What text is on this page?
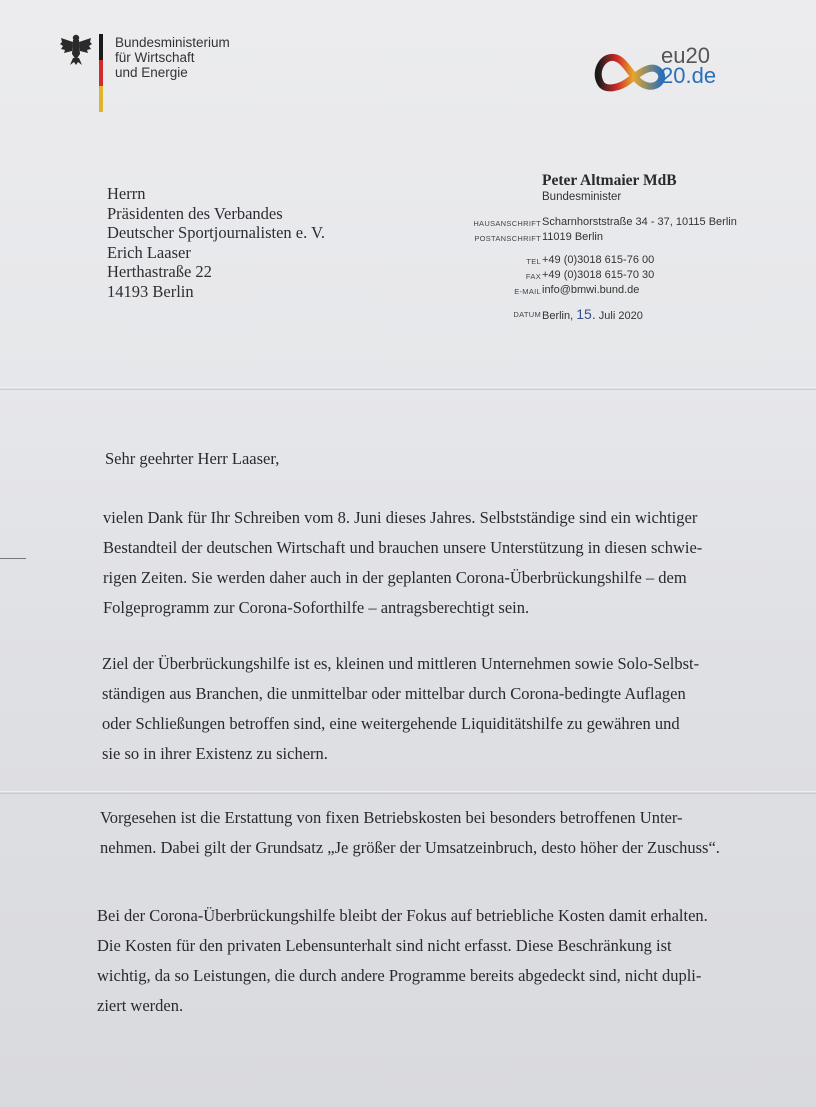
Bundesministerium
für Wirtschaft
und Energie
eu20
20.de
Herrn
Präsidenten des Verbandes
Deutscher Sportjournalisten e. V.
Erich Laaser
Herthastraße 22
14193 Berlin
Peter Altmaier MdB
Bundesminister
HAUSANSCHRIFT Scharnhorststraße 34 - 37, 10115 Berlin
POSTANSCHRIFT 11019 Berlin
TEL +49 (0)3018 615-76 00
FAX +49 (0)3018 615-70 30
E-MAIL info@bmwi.bund.de
DATUM Berlin, 15. Juli 2020
Sehr geehrter Herr Laaser,
vielen Dank für Ihr Schreiben vom 8. Juni dieses Jahres. Selbstständige sind ein wichtiger
Bestandteil der deutschen Wirtschaft und brauchen unsere Unterstützung in diesen schwie-
rigen Zeiten. Sie werden daher auch in der geplanten Corona-Überbrückungshilfe – dem
Folgeprogramm zur Corona-Soforthilfe – antragsberechtigt sein.
Ziel der Überbrückungshilfe ist es, kleinen und mittleren Unternehmen sowie Solo-Selbst-
ständigen aus Branchen, die unmittelbar oder mittelbar durch Corona-bedingte Auflagen
oder Schließungen betroffen sind, eine weitergehende Liquiditätshilfe zu gewähren und
sie so in ihrer Existenz zu sichern.
Vorgesehen ist die Erstattung von fixen Betriebskosten bei besonders betroffenen Unter-
nehmen. Dabei gilt der Grundsatz „Je größer der Umsatzeinbruch, desto höher der Zuschuss“.
Bei der Corona-Überbrückungshilfe bleibt der Fokus auf betriebliche Kosten damit erhalten.
Die Kosten für den privaten Lebensunterhalt sind nicht erfasst. Diese Beschränkung ist
wichtig, da so Leistungen, die durch andere Programme bereits abgedeckt sind, nicht dupli-
ziert werden.
